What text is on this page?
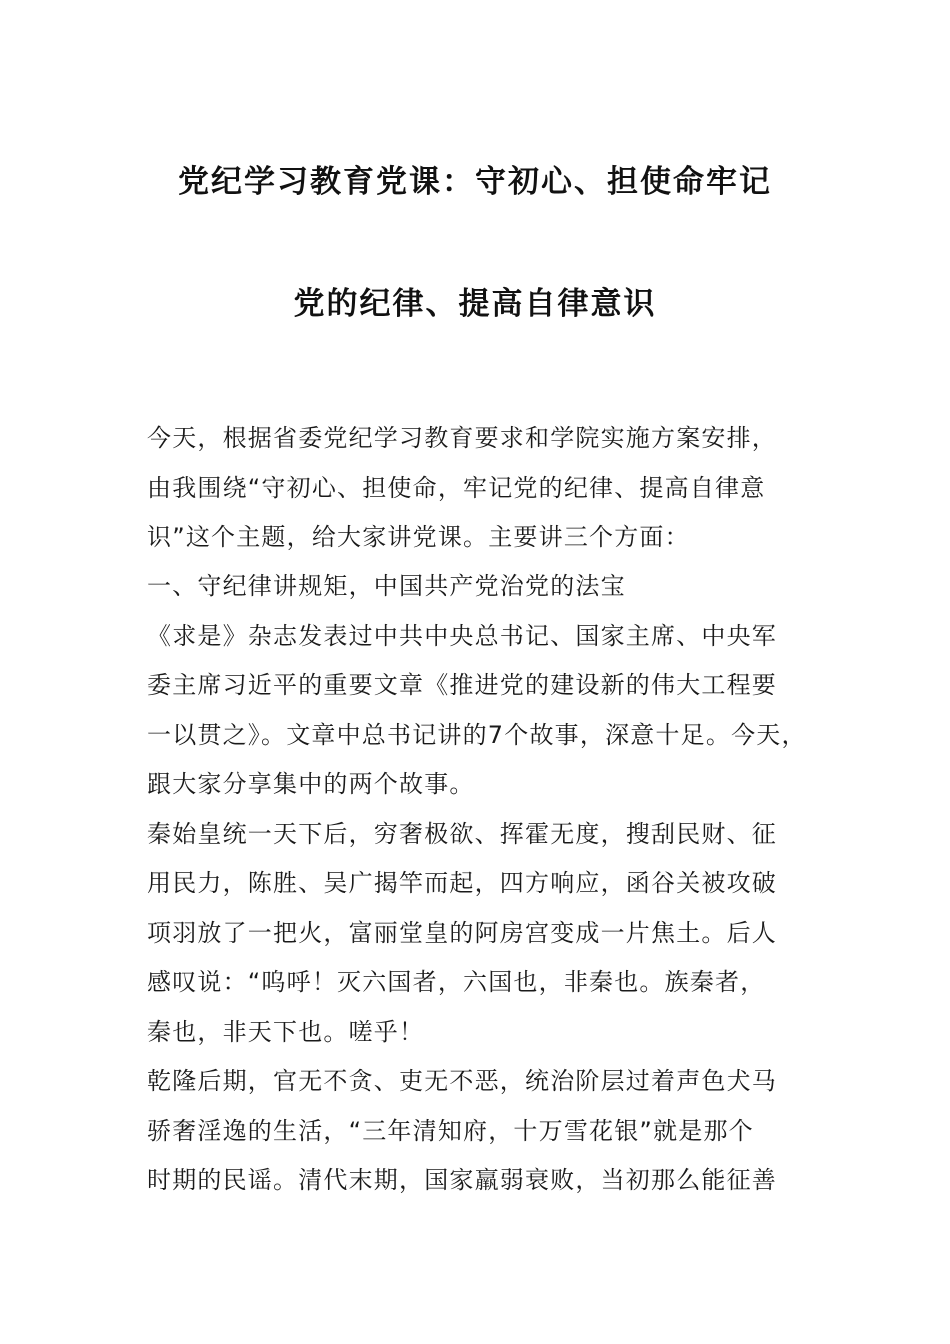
党纪学习教育党课：守初心、担使命牢记
党的纪律、提高自律意识
今天，根据省委党纪学习教育要求和学院实施方案安排，
由我围绕“守初心、担使命，牢记党的纪律、提高自律意
识”这个主题，给大家讲党课。主要讲三个方面：
一、守纪律讲规矩，中国共产党治党的法宝
《求是》杂志发表过中共中央总书记、国家主席、中央军
委主席习近平的重要文章《推进党的建设新的伟大工程要
一以贯之》。文章中总书记讲的7个故事，深意十足。今天，
跟大家分享集中的两个故事。
秦始皇统一天下后，穷奢极欲、挥霍无度，搜刮民财、征
用民力，陈胜、吴广揭竿而起，四方响应，函谷关被攻破
项羽放了一把火，富丽堂皇的阿房宫变成一片焦土。后人
感叹说：“呜呼！灭六国者，六国也，非秦也。族秦者，
秦也，非天下也。嗟乎！
乾隆后期，官无不贪、吏无不恶，统治阶层过着声色犬马
骄奢淫逸的生活，“三年清知府，十万雪花银”就是那个
时期的民谣。清代末期，国家羸弱衰败，当初那么能征善
